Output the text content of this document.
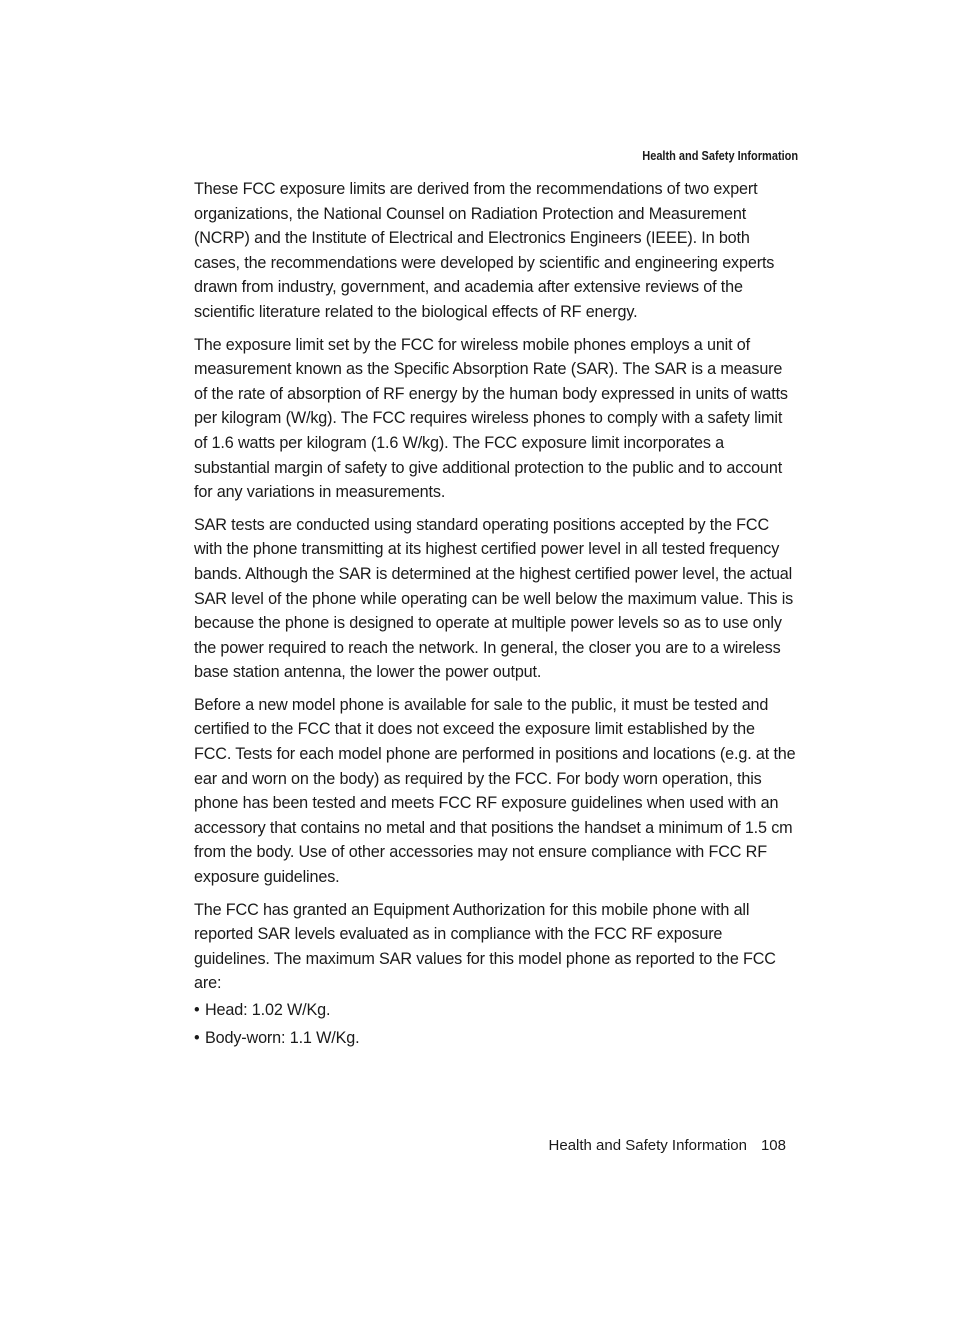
Health and Safety Information

These FCC exposure limits are derived from the recommendations of two expert organizations, the National Counsel on Radiation Protection and Measurement (NCRP) and the Institute of Electrical and Electronics Engineers (IEEE). In both cases, the recommendations were developed by scientific and engineering experts drawn from industry, government, and academia after extensive reviews of the scientific literature related to the biological effects of RF energy.

The exposure limit set by the FCC for wireless mobile phones employs a unit of measurement known as the Specific Absorption Rate (SAR). The SAR is a measure of the rate of absorption of RF energy by the human body expressed in units of watts per kilogram (W/kg). The FCC requires wireless phones to comply with a safety limit of 1.6 watts per kilogram (1.6 W/kg). The FCC exposure limit incorporates a substantial margin of safety to give additional protection to the public and to account for any variations in measurements.

SAR tests are conducted using standard operating positions accepted by the FCC with the phone transmitting at its highest certified power level in all tested frequency bands. Although the SAR is determined at the highest certified power level, the actual SAR level of the phone while operating can be well below the maximum value. This is because the phone is designed to operate at multiple power levels so as to use only the power required to reach the network. In general, the closer you are to a wireless base station antenna, the lower the power output.

Before a new model phone is available for sale to the public, it must be tested and certified to the FCC that it does not exceed the exposure limit established by the FCC. Tests for each model phone are performed in positions and locations (e.g. at the ear and worn on the body) as required by the FCC. For body worn operation, this phone has been tested and meets FCC RF exposure guidelines when used with an accessory that contains no metal and that positions the handset a minimum of 1.5 cm from the body. Use of other accessories may not ensure compliance with FCC RF exposure guidelines.

The FCC has granted an Equipment Authorization for this mobile phone with all reported SAR levels evaluated as in compliance with the FCC RF exposure guidelines. The maximum SAR values for this model phone as reported to the FCC are:

• Head: 1.02 W/Kg.
• Body-worn: 1.1 W/Kg.
Health and Safety Information 108
